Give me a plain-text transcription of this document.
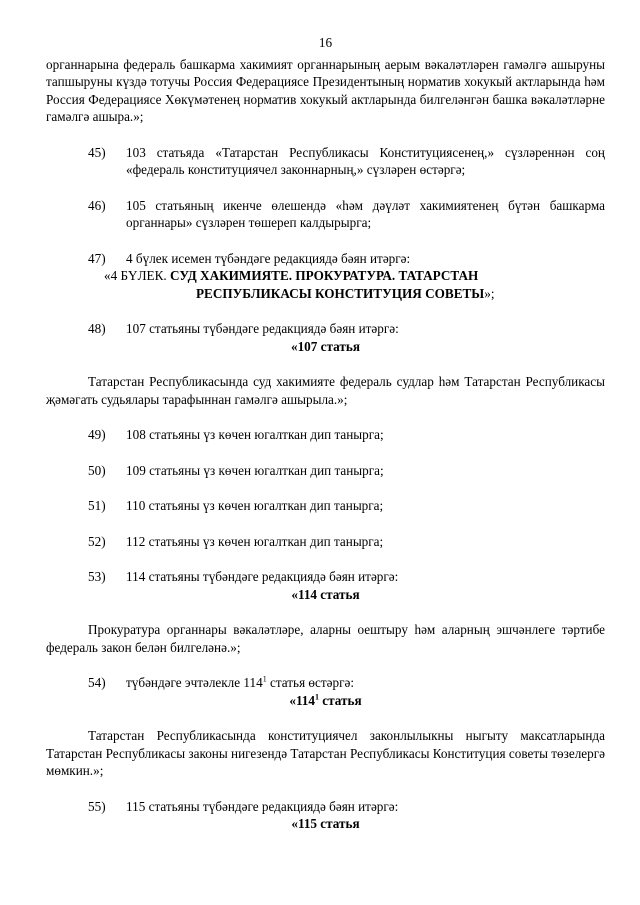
16

органнарына федераль башкарма хакимият органнарының аерым вәкаләтләрен гамәлгә ашыруны тапшыруны күздә тотучы Россия Федерациясе Президентының норматив хокукый актларында һәм Россия Федерациясе Хөкүмәтенең норматив хокукый актларында билгеләнгән башка вәкаләтләрне гамәлгә ашыра.»;

45)	103 статьяда «Татарстан Республикасы Конституциясенең,» сүзләреннән соң «федераль конституциячел законнарның,» сүзләрен өстәргә;
46)	105 статьяның икенче өлешендә «һәм дәүләт хакимиятенең бүтән башкарма органнары» сүзләрен төшереп калдырырга;
47)	4 бүлек исемен түбәндәге редакциядә бәян итәргә:
«4 БҮЛЕК. СУД ХАКИМИЯТЕ. ПРОКУРАТУРА. ТАТАРСТАН
РЕСПУБЛИКАСЫ КОНСТИТУЦИЯ СОВЕТЫ»;
48)	107 статьяны түбәндәге редакциядә бәян итәргә:
«107 статья

Татарстан Республикасында суд хакимияте федераль судлар һәм Татарстан Республикасы җәмәгать судьялары тарафыннан гамәлгә ашырыла.»;

49)	108 статьяны үз көчен югалткан дип танырга;
50)	109 статьяны үз көчен югалткан дип танырга;
51)	110 статьяны үз көчен югалткан дип танырга;
52)	112 статьяны үз көчен югалткан дип танырга;
53)	114 статьяны түбәндәге редакциядә бәян итәргә:
«114 статья

Прокуратура органнары вәкаләтләре, аларны оештыру һәм аларның эшчәнлеге тәртибе федераль закон белән билгеләнә.»;

54)	түбәндәге эчтәлекле $114^1$ статья өстәргә:
«$114^1$ статья

Татарстан Республикасында конституциячел законлылыкны ныгыту максатларында Татарстан Республикасы законы нигезендә Татарстан Республикасы Конституция советы төзелергә мөмкин.»;

55)	115 статьяны түбәндәге редакциядә бәян итәргә:
«115 статья
